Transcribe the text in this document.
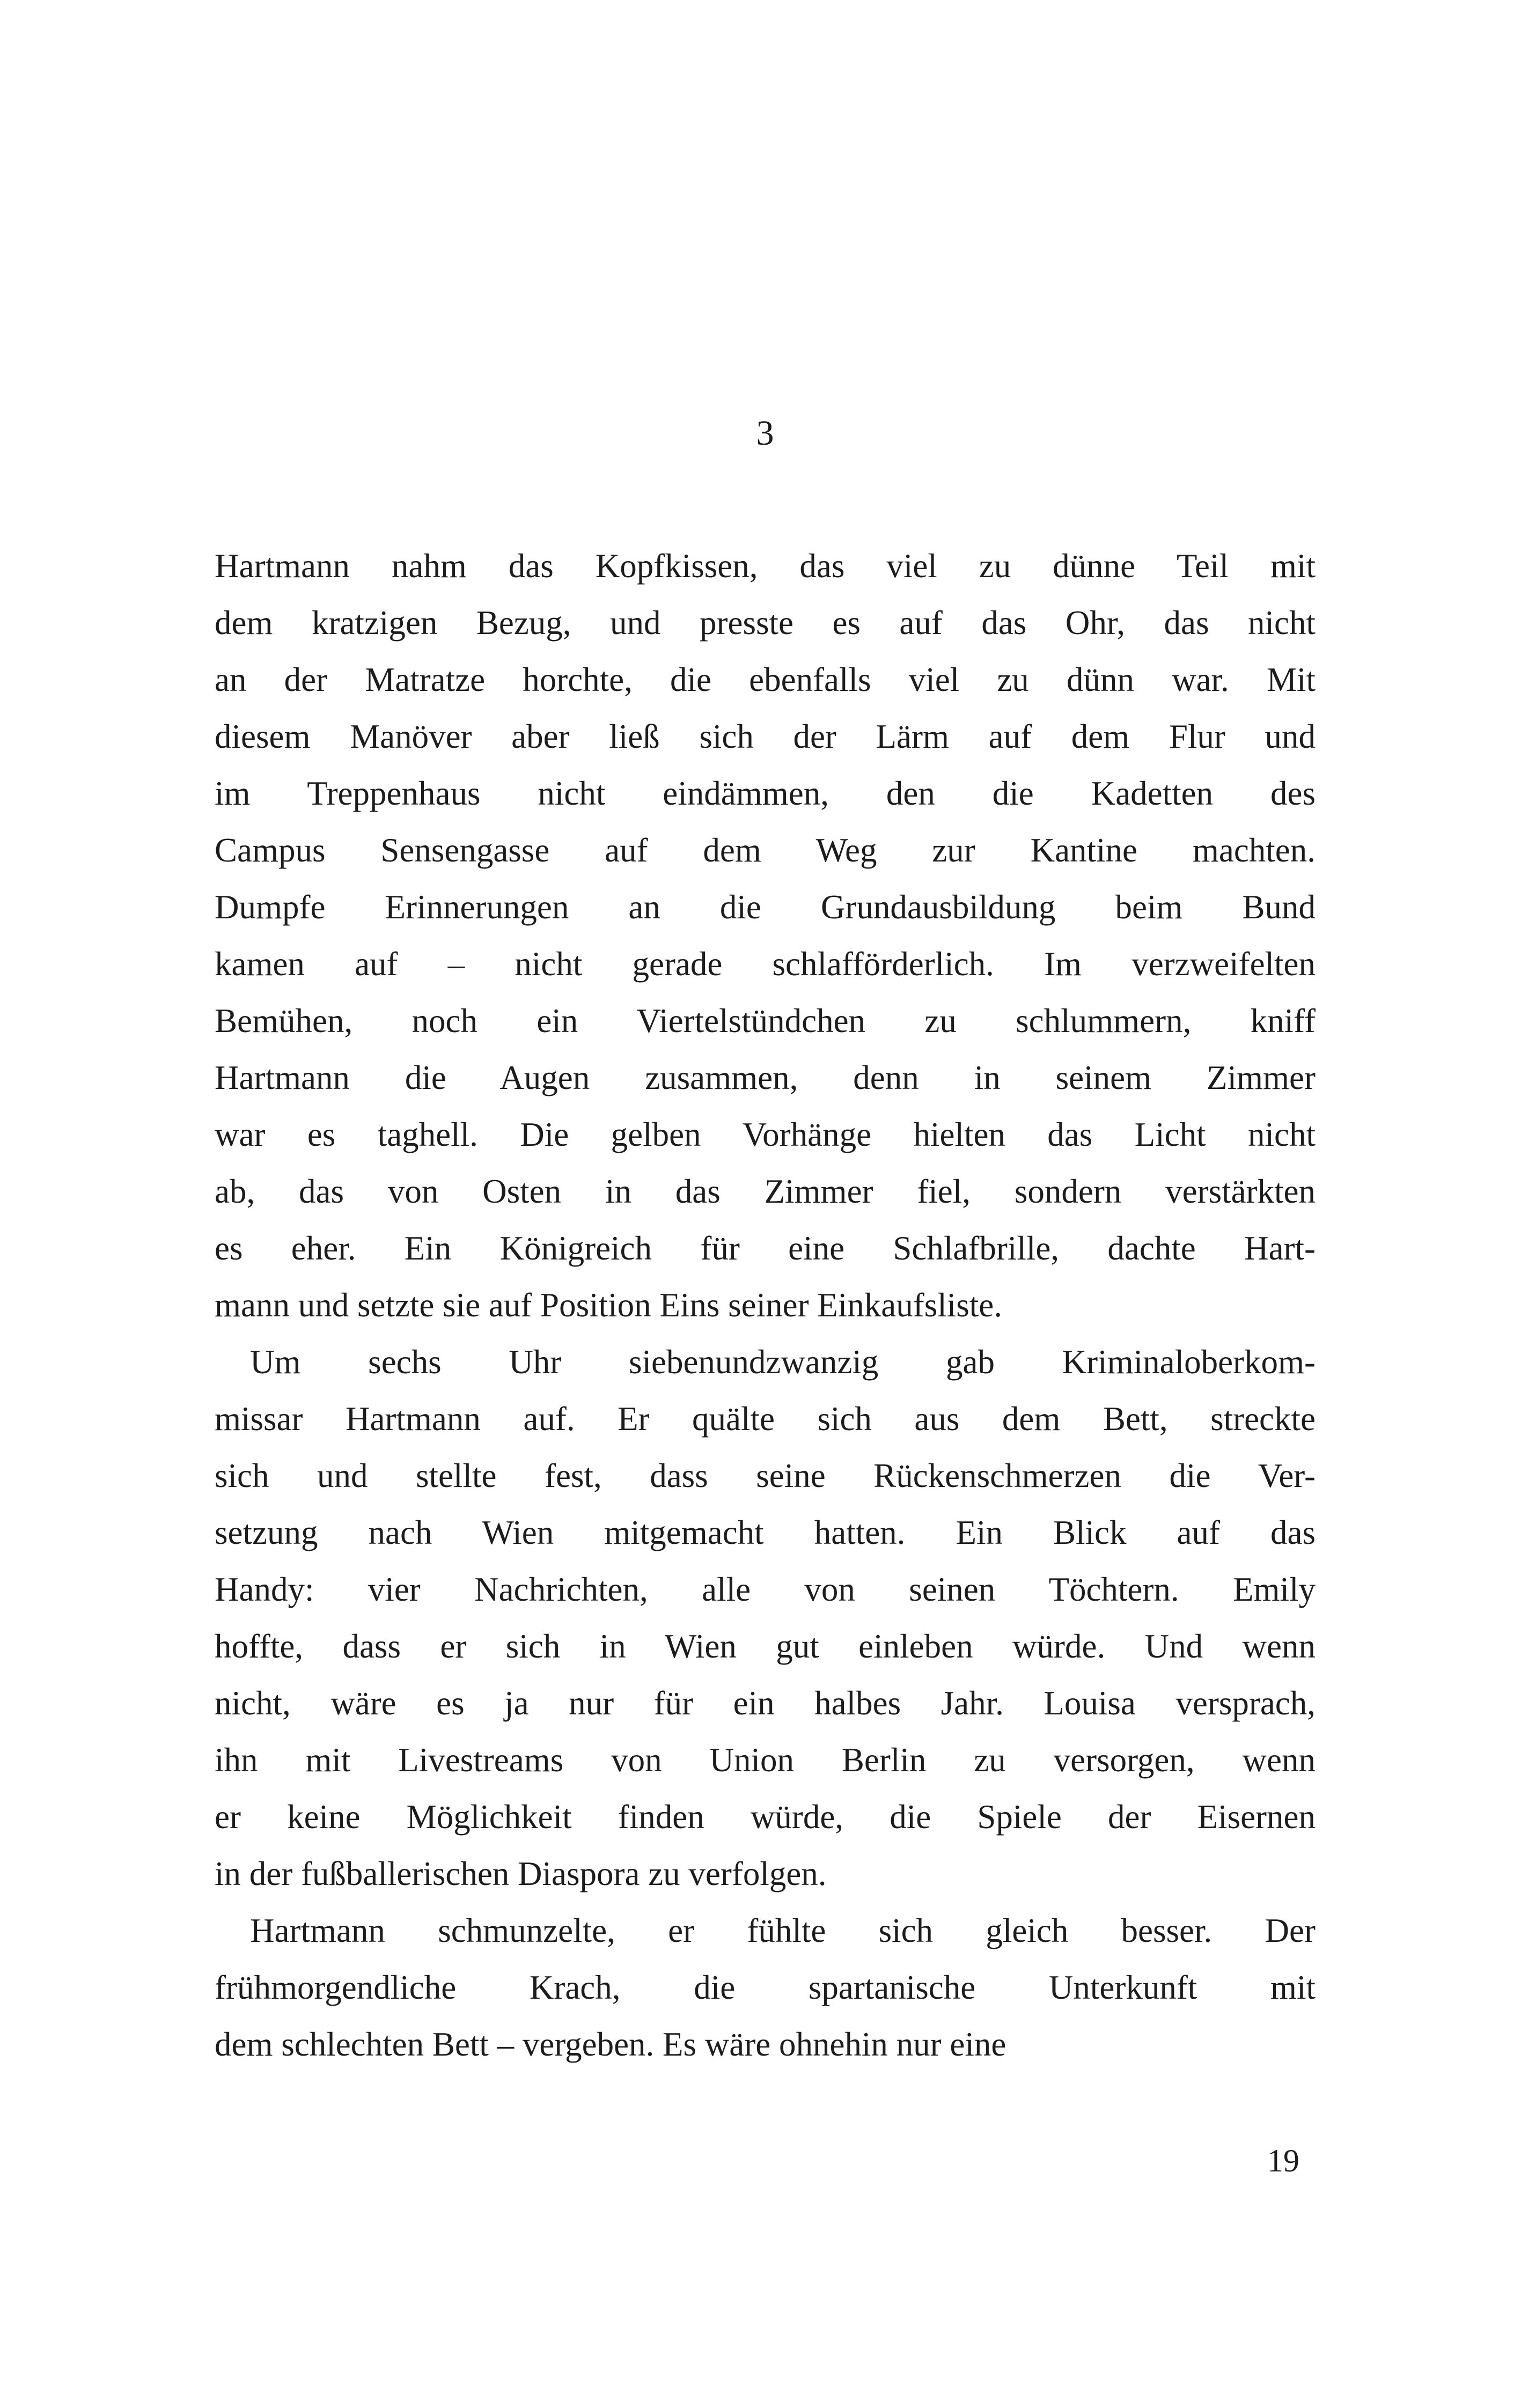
3
Hartmann nahm das Kopfkissen, das viel zu dünne Teil mit
dem kratzigen Bezug, und presste es auf das Ohr, das nicht
an der Matratze horchte, die ebenfalls viel zu dünn war. Mit
diesem Manöver aber ließ sich der Lärm auf dem Flur und
im Treppenhaus nicht eindämmen, den die Kadetten des
Campus Sensengasse auf dem Weg zur Kantine machten.
Dumpfe Erinnerungen an die Grundausbildung beim Bund
kamen auf – nicht gerade schlafförderlich. Im verzweifelten
Bemühen, noch ein Viertelstündchen zu schlummern, kniff
Hartmann die Augen zusammen, denn in seinem Zimmer
war es taghell. Die gelben Vorhänge hielten das Licht nicht
ab, das von Osten in das Zimmer fiel, sondern verstärkten
es eher. Ein Königreich für eine Schlafbrille, dachte Hart-
mann und setzte sie auf Position Eins seiner Einkaufsliste.
Um sechs Uhr siebenundzwanzig gab Kriminaloberkom-
missar Hartmann auf. Er quälte sich aus dem Bett, streckte
sich und stellte fest, dass seine Rückenschmerzen die Ver-
setzung nach Wien mitgemacht hatten. Ein Blick auf das
Handy: vier Nachrichten, alle von seinen Töchtern. Emily
hoffte, dass er sich in Wien gut einleben würde. Und wenn
nicht, wäre es ja nur für ein halbes Jahr. Louisa versprach,
ihn mit Livestreams von Union Berlin zu versorgen, wenn
er keine Möglichkeit finden würde, die Spiele der Eisernen
in der fußballerischen Diaspora zu verfolgen.
Hartmann schmunzelte, er fühlte sich gleich besser. Der
frühmorgendliche Krach, die spartanische Unterkunft mit
dem schlechten Bett – vergeben. Es wäre ohnehin nur eine
19
